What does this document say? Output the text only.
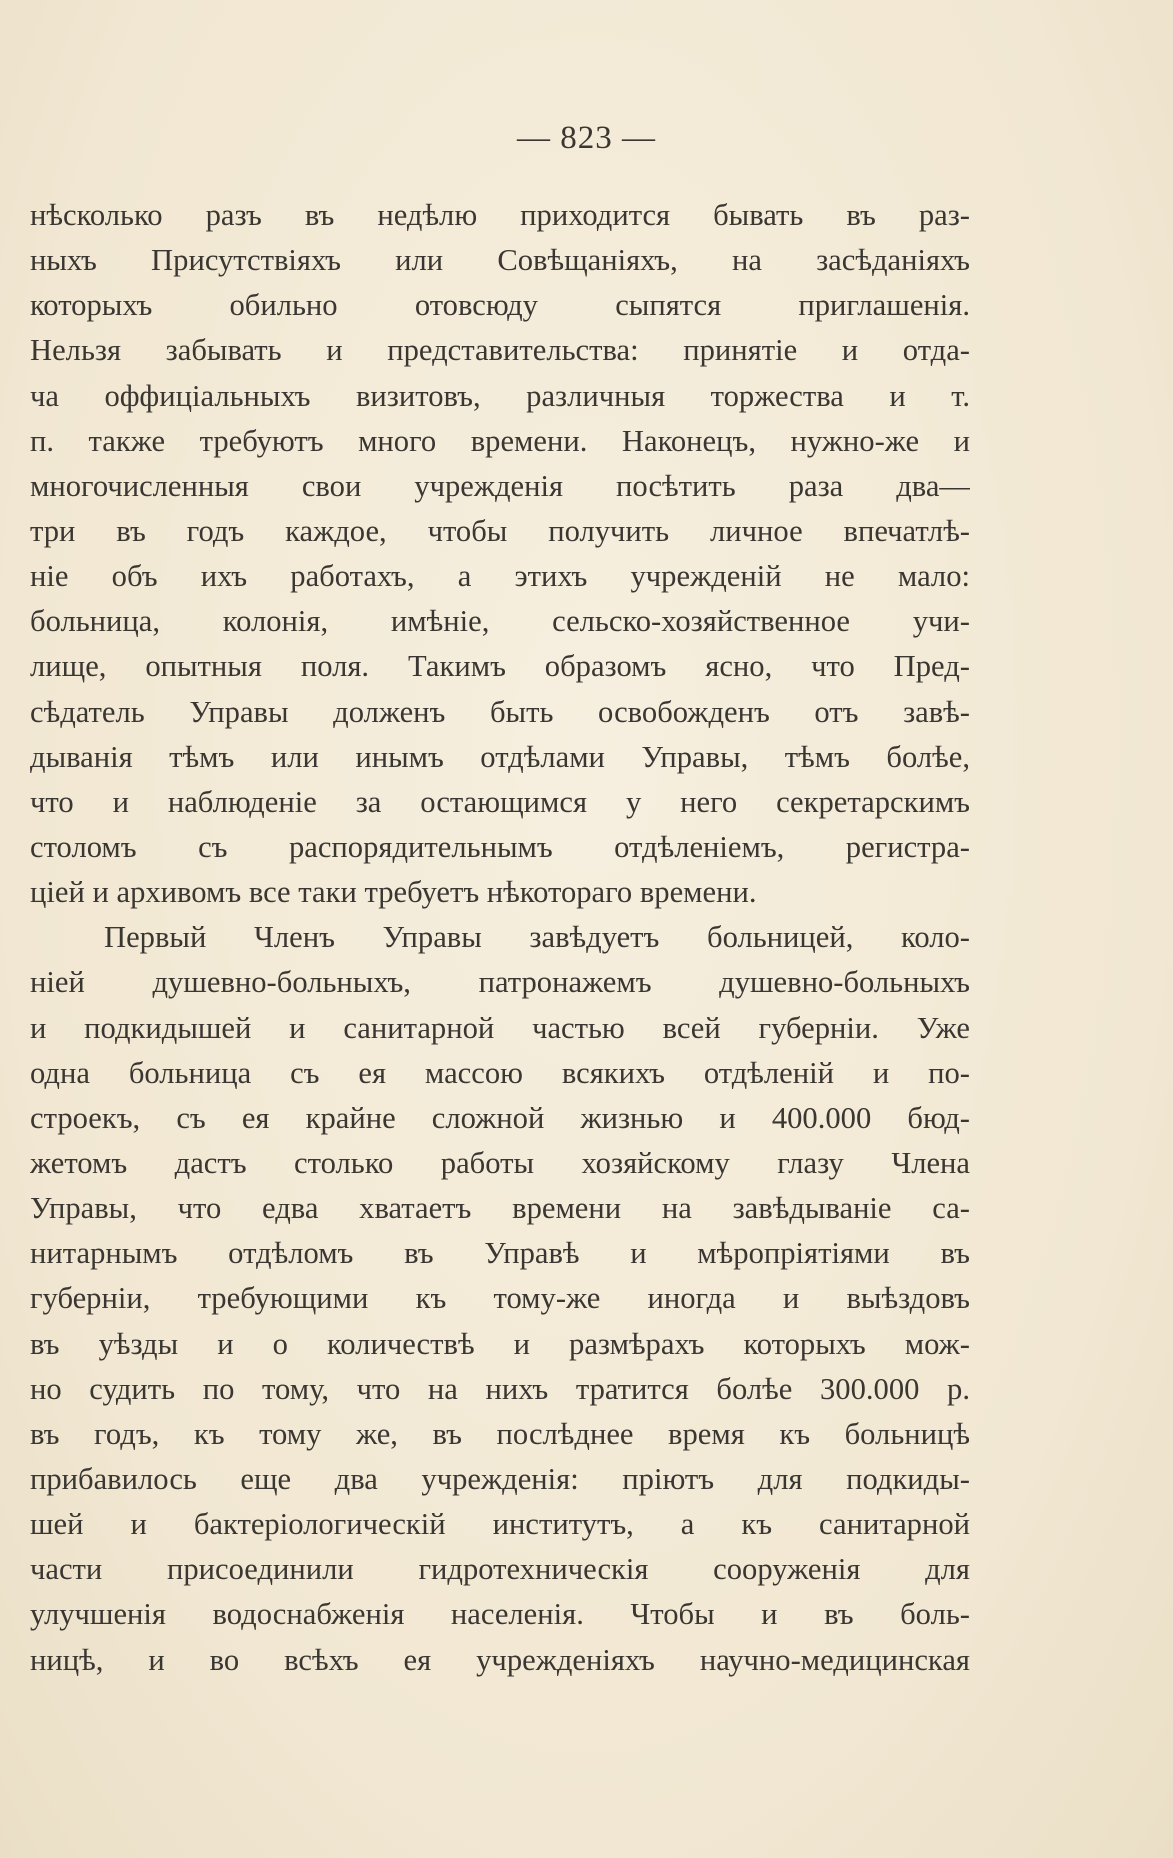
— 823 —
нѣсколько разъ въ недѣлю приходится бывать въ раз-
ныхъ Присутствіяхъ или Совѣщаніяхъ, на засѣданіяхъ
которыхъ обильно отовсюду сыпятся приглашенія.
Нельзя забывать и представительства: принятіе и отда-
ча оффиціальныхъ визитовъ, различныя торжества и т.
п. также требуютъ много времени. Наконецъ, нужно-же и
многочисленныя свои учрежденія посѣтить раза два—
три въ годъ каждое, чтобы получить личное впечатлѣ-
ніе объ ихъ работахъ, а этихъ учрежденій не мало:
больница, колонія, имѣніе, сельско-хозяйственное учи-
лище, опытныя поля. Такимъ образомъ ясно, что Пред-
сѣдатель Управы долженъ быть освобожденъ отъ завѣ-
дыванія тѣмъ или инымъ отдѣлами Управы, тѣмъ болѣе,
что и наблюденіе за остающимся у него секретарскимъ
столомъ съ распорядительнымъ отдѣленіемъ, регистра-
ціей и архивомъ все таки требуетъ нѣкотораго времени.
Первый Членъ Управы завѣдуетъ больницей, коло-
ніей душевно-больныхъ, патронажемъ душевно-больныхъ
и подкидышей и санитарной частью всей губерніи. Уже
одна больница съ ея массою всякихъ отдѣленій и по-
строекъ, съ ея крайне сложной жизнью и 400.000 бюд-
жетомъ дастъ столько работы хозяйскому глазу Члена
Управы, что едва хватаетъ времени на завѣдываніе са-
нитарнымъ отдѣломъ въ Управѣ и мѣропріятіями въ
губерніи, требующими къ тому-же иногда и выѣздовъ
въ уѣзды и о количествѣ и размѣрахъ которыхъ мож-
но судить по тому, что на нихъ тратится болѣе 300.000 р.
въ годъ, къ тому же, въ послѣднее время къ больницѣ
прибавилось еще два учрежденія: пріютъ для подкиды-
шей и бактеріологическій институтъ, а къ санитарной
части присоединили гидротехническія сооруженія для
улучшенія водоснабженія населенія. Чтобы и въ боль-
ницѣ, и во всѣхъ ея учрежденіяхъ научно-медицинская
